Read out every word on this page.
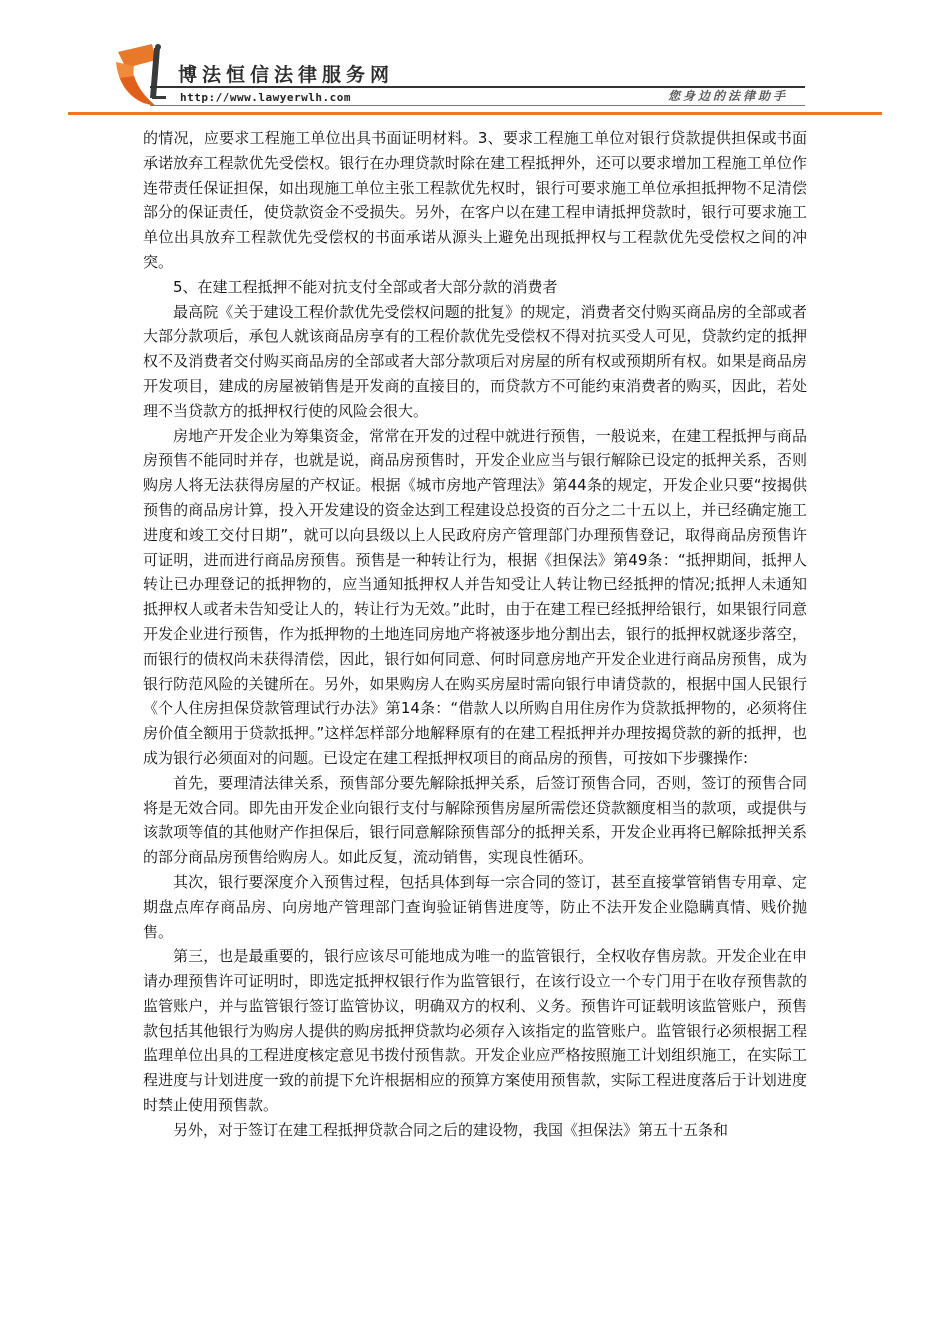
博法恒信法律服务网
http://www.lawyerwlh.com	您身边的法律助手

的情况，应要求工程施工单位出具书面证明材料。3、要求工程施工单位对银行贷款提供担保或书面承诺放弃工程款优先受偿权。银行在办理贷款时除在建工程抵押外，还可以要求增加工程施工单位作连带责任保证担保，如出现施工单位主张工程款优先权时，银行可要求施工单位承担抵押物不足清偿部分的保证责任，使贷款资金不受损失。另外，在客户以在建工程申请抵押贷款时，银行可要求施工单位出具放弃工程款优先受偿权的书面承诺从源头上避免出现抵押权与工程款优先受偿权之间的冲突。

5、在建工程抵押不能对抗支付全部或者大部分款的消费者

最高院《关于建设工程价款优先受偿权问题的批复》的规定，消费者交付购买商品房的全部或者大部分款项后，承包人就该商品房享有的工程价款优先受偿权不得对抗买受人可见，贷款约定的抵押权不及消费者交付购买商品房的全部或者大部分款项后对房屋的所有权或预期所有权。如果是商品房开发项目，建成的房屋被销售是开发商的直接目的，而贷款方不可能约束消费者的购买，因此，若处理不当贷款方的抵押权行使的风险会很大。

房地产开发企业为筹集资金，常常在开发的过程中就进行预售，一般说来，在建工程抵押与商品房预售不能同时并存，也就是说，商品房预售时，开发企业应当与银行解除已设定的抵押关系，否则购房人将无法获得房屋的产权证。根据《城市房地产管理法》第44条的规定，开发企业只要“按揭供预售的商品房计算，投入开发建设的资金达到工程建设总投资的百分之二十五以上，并已经确定施工进度和竣工交付日期”，就可以向县级以上人民政府房产管理部门办理预售登记，取得商品房预售许可证明，进而进行商品房预售。预售是一种转让行为，根据《担保法》第49条：“抵押期间，抵押人转让已办理登记的抵押物的，应当通知抵押权人并告知受让人转让物已经抵押的情况;抵押人未通知抵押权人或者未告知受让人的，转让行为无效。”此时，由于在建工程已经抵押给银行，如果银行同意开发企业进行预售，作为抵押物的土地连同房地产将被逐步地分割出去，银行的抵押权就逐步落空，而银行的债权尚未获得清偿，因此，银行如何同意、何时同意房地产开发企业进行商品房预售，成为银行防范风险的关键所在。另外，如果购房人在购买房屋时需向银行申请贷款的，根据中国人民银行《个人住房担保贷款管理试行办法》第14条：“借款人以所购自用住房作为贷款抵押物的，必须将住房价值全额用于贷款抵押。”这样怎样部分地解释原有的在建工程抵押并办理按揭贷款的新的抵押，也成为银行必须面对的问题。已设定在建工程抵押权项目的商品房的预售，可按如下步骤操作:

首先，要理清法律关系，预售部分要先解除抵押关系，后签订预售合同，否则，签订的预售合同将是无效合同。即先由开发企业向银行支付与解除预售房屋所需偿还贷款额度相当的款项，或提供与该款项等值的其他财产作担保后，银行同意解除预售部分的抵押关系，开发企业再将已解除抵押关系的部分商品房预售给购房人。如此反复，流动销售，实现良性循环。

其次，银行要深度介入预售过程，包括具体到每一宗合同的签订，甚至直接掌管销售专用章、定期盘点库存商品房、向房地产管理部门查询验证销售进度等，防止不法开发企业隐瞒真情、贱价抛售。

第三，也是最重要的，银行应该尽可能地成为唯一的监管银行，全权收存售房款。开发企业在申请办理预售许可证明时，即选定抵押权银行作为监管银行，在该行设立一个专门用于在收存预售款的监管账户，并与监管银行签订监管协议，明确双方的权利、义务。预售许可证载明该监管账户，预售款包括其他银行为购房人提供的购房抵押贷款均必须存入该指定的监管账户。监管银行必须根据工程监理单位出具的工程进度核定意见书拨付预售款。开发企业应严格按照施工计划组织施工，在实际工程进度与计划进度一致的前提下允许根据相应的预算方案使用预售款，实际工程进度落后于计划进度时禁止使用预售款。

另外，对于签订在建工程抵押贷款合同之后的建设物，我国《担保法》第五十五条和
